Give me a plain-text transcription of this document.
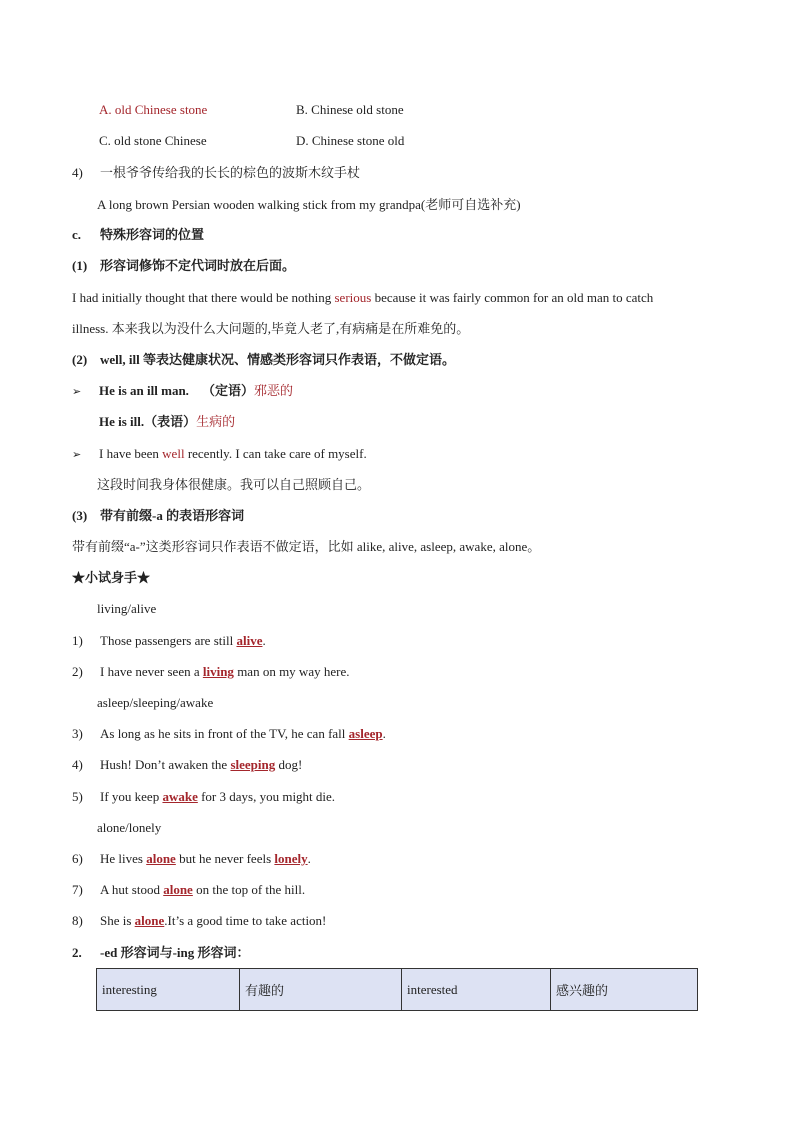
A. old Chinese stone	B. Chinese old stone
C. old stone Chinese	D. Chinese stone old
4) 一根爷爷传给我的长长的棕色的波斯木纹手杖
A long brown Persian wooden walking stick from my grandpa(老师可自选补充)
c. 特殊形容词的位置
(1) 形容词修饰不定代词时放在后面。
I had initially thought that there would be nothing serious because it was fairly common for an old man to catch
illness. 本来我以为没什么大问题的,毕竟人老了,有病痛是在所难免的。
(2) well, ill 等表达健康状况、情感类形容词只作表语，不做定语。
➢ He is an ill man. （定语）邪恶的
He is ill.（表语）生病的
➢ I have been well recently. I can take care of myself.
这段时间我身体很健康。我可以自己照顾自己。
(3) 带有前缀-a 的表语形容词
带有前缀“a-”这类形容词只作表语不做定语，比如 alike, alive, asleep, awake, alone。
★小试身手★
living/alive
1) Those passengers are still alive.
2) I have never seen a living man on my way here.
asleep/sleeping/awake
3) As long as he sits in front of the TV, he can fall asleep.
4) Hush! Don’t awaken the sleeping dog!
5) If you keep awake for 3 days, you might die.
alone/lonely
6) He lives alone but he never feels lonely.
7) A hut stood alone on the top of the hill.
8) She is alone.It’s a good time to take action!
2. -ed 形容词与-ing 形容词：
interesting	有趣的	interested	感兴趣的
